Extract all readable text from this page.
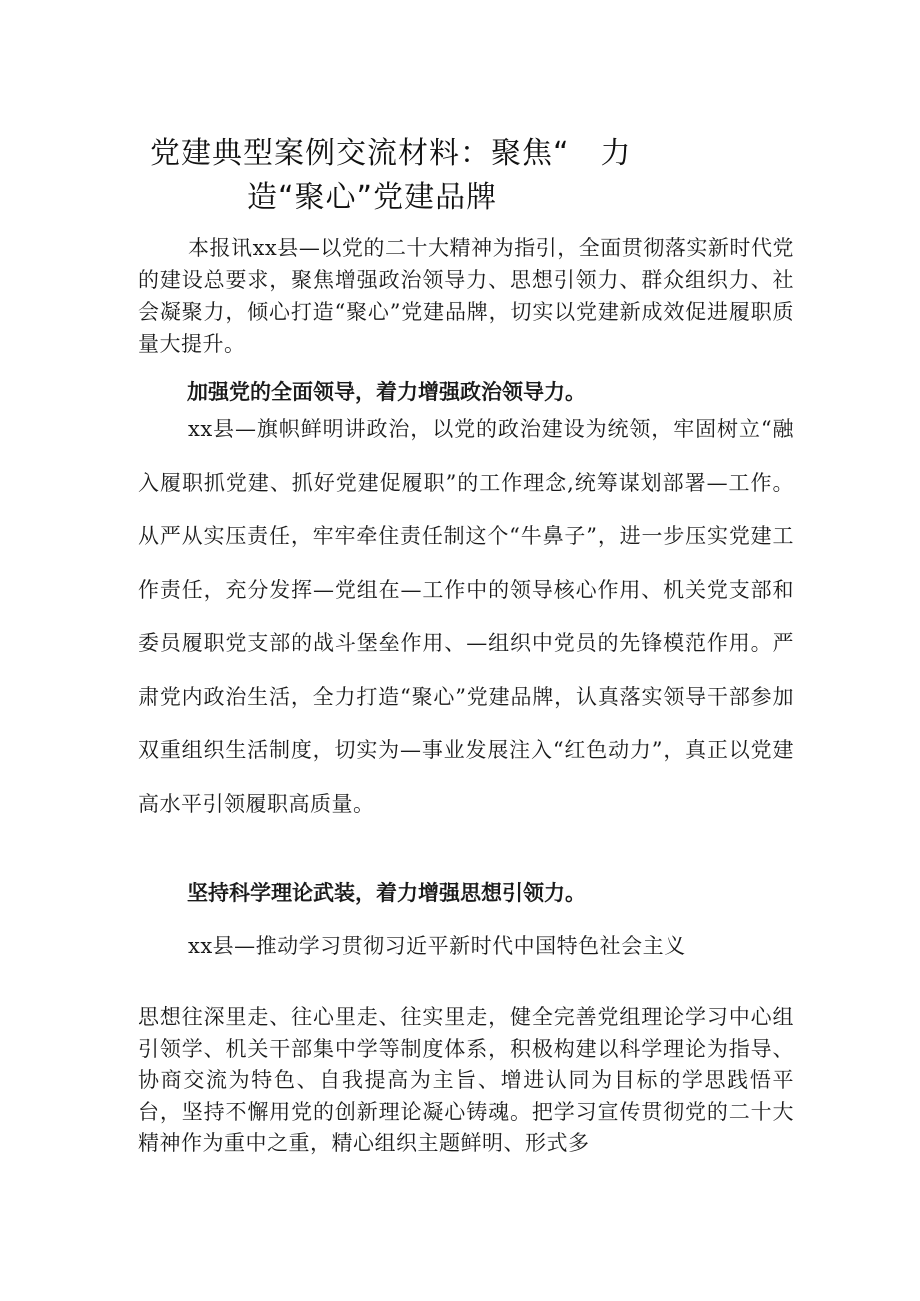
党建典型案例交流材料：聚焦“　力
造“聚心”党建品牌

本报讯xx县—以党的二十大精神为指引，全面贯彻落实新时代党的建设总要求，聚焦增强政治领导力、思想引领力、群众组织力、社会凝聚力，倾心打造“聚心”党建品牌，切实以党建新成效促进履职质量大提升。

加强党的全面领导，着力增强政治领导力。

xx县—旗帜鲜明讲政治，以党的政治建设为统领，牢固树立“融入履职抓党建、抓好党建促履职”的工作理念,统筹谋划部署—工作。从严从实压责任，牢牢牵住责任制这个“牛鼻子”，进一步压实党建工作责任，充分发挥—党组在—工作中的领导核心作用、机关党支部和委员履职党支部的战斗堡垒作用、—组织中党员的先锋模范作用。严肃党内政治生活，全力打造“聚心”党建品牌，认真落实领导干部参加双重组织生活制度，切实为—事业发展注入“红色动力”，真正以党建高水平引领履职高质量。

坚持科学理论武装，着力增强思想引领力。

xx县—推动学习贯彻习近平新时代中国特色社会主义

思想往深里走、往心里走、往实里走，健全完善党组理论学习中心组引领学、机关干部集中学等制度体系，积极构建以科学理论为指导、协商交流为特色、自我提高为主旨、增进认同为目标的学思践悟平台，坚持不懈用党的创新理论凝心铸魂。把学习宣传贯彻党的二十大精神作为重中之重，精心组织主题鲜明、形式多
